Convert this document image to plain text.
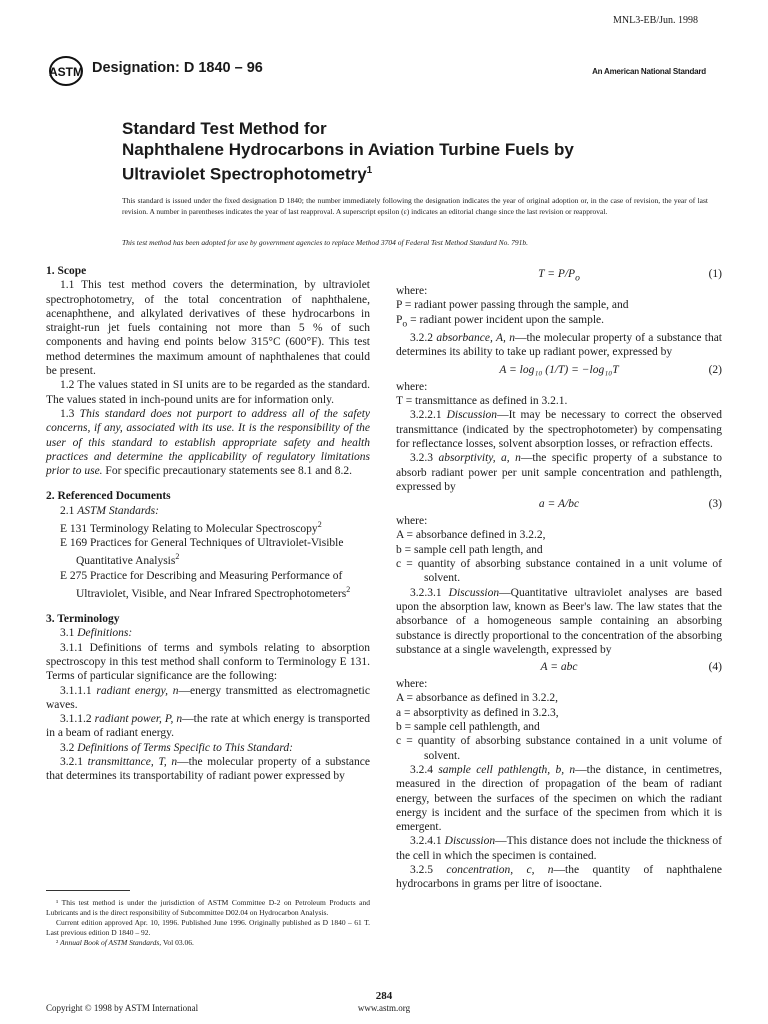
MNL3-EB/Jun. 1998
ASTM Designation: D 1840 – 96	An American National Standard
Standard Test Method for
Naphthalene Hydrocarbons in Aviation Turbine Fuels by
Ultraviolet Spectrophotometry$^1$
This standard is issued under the fixed designation D 1840; the number immediately following the designation indicates the year of original adoption or, in the case of revision, the year of last revision. A number in parentheses indicates the year of last reapproval. A superscript epsilon (ε) indicates an editorial change since the last revision or reapproval.
This test method has been adopted for use by government agencies to replace Method 3704 of Federal Test Method Standard No. 791b.
1. Scope

1.1 This test method covers the determination, by ultraviolet spectrophotometry, of the total concentration of naphthalene, acenaphthene, and alkylated derivatives of these hydrocarbons in straight-run jet fuels containing not more than 5 % of such components and having end points below 315°C (600°F). This test method determines the maximum amount of naphthalenes that could be present.

1.2 The values stated in SI units are to be regarded as the standard. The values stated in inch-pound units are for information only.

1.3 This standard does not purport to address all of the safety concerns, if any, associated with its use. It is the responsibility of the user of this standard to establish appropriate safety and health practices and determine the applicability of regulatory limitations prior to use. For specific precautionary statements see 8.1 and 8.2.

2. Referenced Documents

2.1 ASTM Standards:

E 131 Terminology Relating to Molecular Spectroscopy$^2$

E 169 Practices for General Techniques of Ultraviolet-Visible Quantitative Analysis$^2$

E 275 Practice for Describing and Measuring Performance of Ultraviolet, Visible, and Near Infrared Spectrophotometers$^2$

3. Terminology

3.1 Definitions:

3.1.1 Definitions of terms and symbols relating to absorption spectroscopy in this test method shall conform to Terminology E 131. Terms of particular significance are the following:

3.1.1.1 radiant energy, n—energy transmitted as electromagnetic waves.

3.1.1.2 radiant power, P, n—the rate at which energy is transported in a beam of radiant energy.

3.2 Definitions of Terms Specific to This Standard:

3.2.1 transmittance, T, n—the molecular property of a substance that determines its transportability of radiant power expressed by

$T = P/P_o$	(1)

where:

P = radiant power passing through the sample, and

$P_o$ = radiant power incident upon the sample.

3.2.2 absorbance, A, n—the molecular property of a substance that determines its ability to take up radiant power, expressed by

A = log₁₀ (1/T) = −log₁₀T	(2)

where:

T = transmittance as defined in 3.2.1.

3.2.2.1 Discussion—It may be necessary to correct the observed transmittance (indicated by the spectrophotometer) by compensating for reflectance losses, solvent absorption losses, or refraction effects.

3.2.3 absorptivity, a, n—the specific property of a substance to absorb radiant power per unit sample concentration and pathlength, expressed by

a = A/bc	(3)

where:

A = absorbance defined in 3.2.2,

b = sample cell path length, and

c = quantity of absorbing substance contained in a unit volume of solvent.

3.2.3.1 Discussion—Quantitative ultraviolet analyses are based upon the absorption law, known as Beer's law. The law states that the absorbance of a homogeneous sample containing an absorbing substance is directly proportional to the concentration of the absorbing substance at a single wavelength, expressed by

A = abc	(4)

where:

A = absorbance as defined in 3.2.2,

a = absorptivity as defined in 3.2.3,

b = sample cell pathlength, and

c = quantity of absorbing substance contained in a unit volume of solvent.

3.2.4 sample cell pathlength, b, n—the distance, in centimetres, measured in the direction of propagation of the beam of radiant energy, between the surfaces of the specimen on which the radiant energy is incident and the surface of the specimen from which it is emergent.

3.2.4.1 Discussion—This distance does not include the thickness of the cell in which the specimen is contained.

3.2.5 concentration, c, n—the quantity of naphthalene hydrocarbons in grams per litre of isooctane.

¹ This test method is under the jurisdiction of ASTM Committee D-2 on Petroleum Products and Lubricants and is the direct responsibility of Subcommittee D02.04 on Hydrocarbon Analysis.

Current edition approved Apr. 10, 1996. Published June 1996. Originally published as D 1840 – 61 T. Last previous edition D 1840 – 92.

² Annual Book of ASTM Standards, Vol 03.06.

284
www.astm.org
Copyright © 1998 by ASTM International
